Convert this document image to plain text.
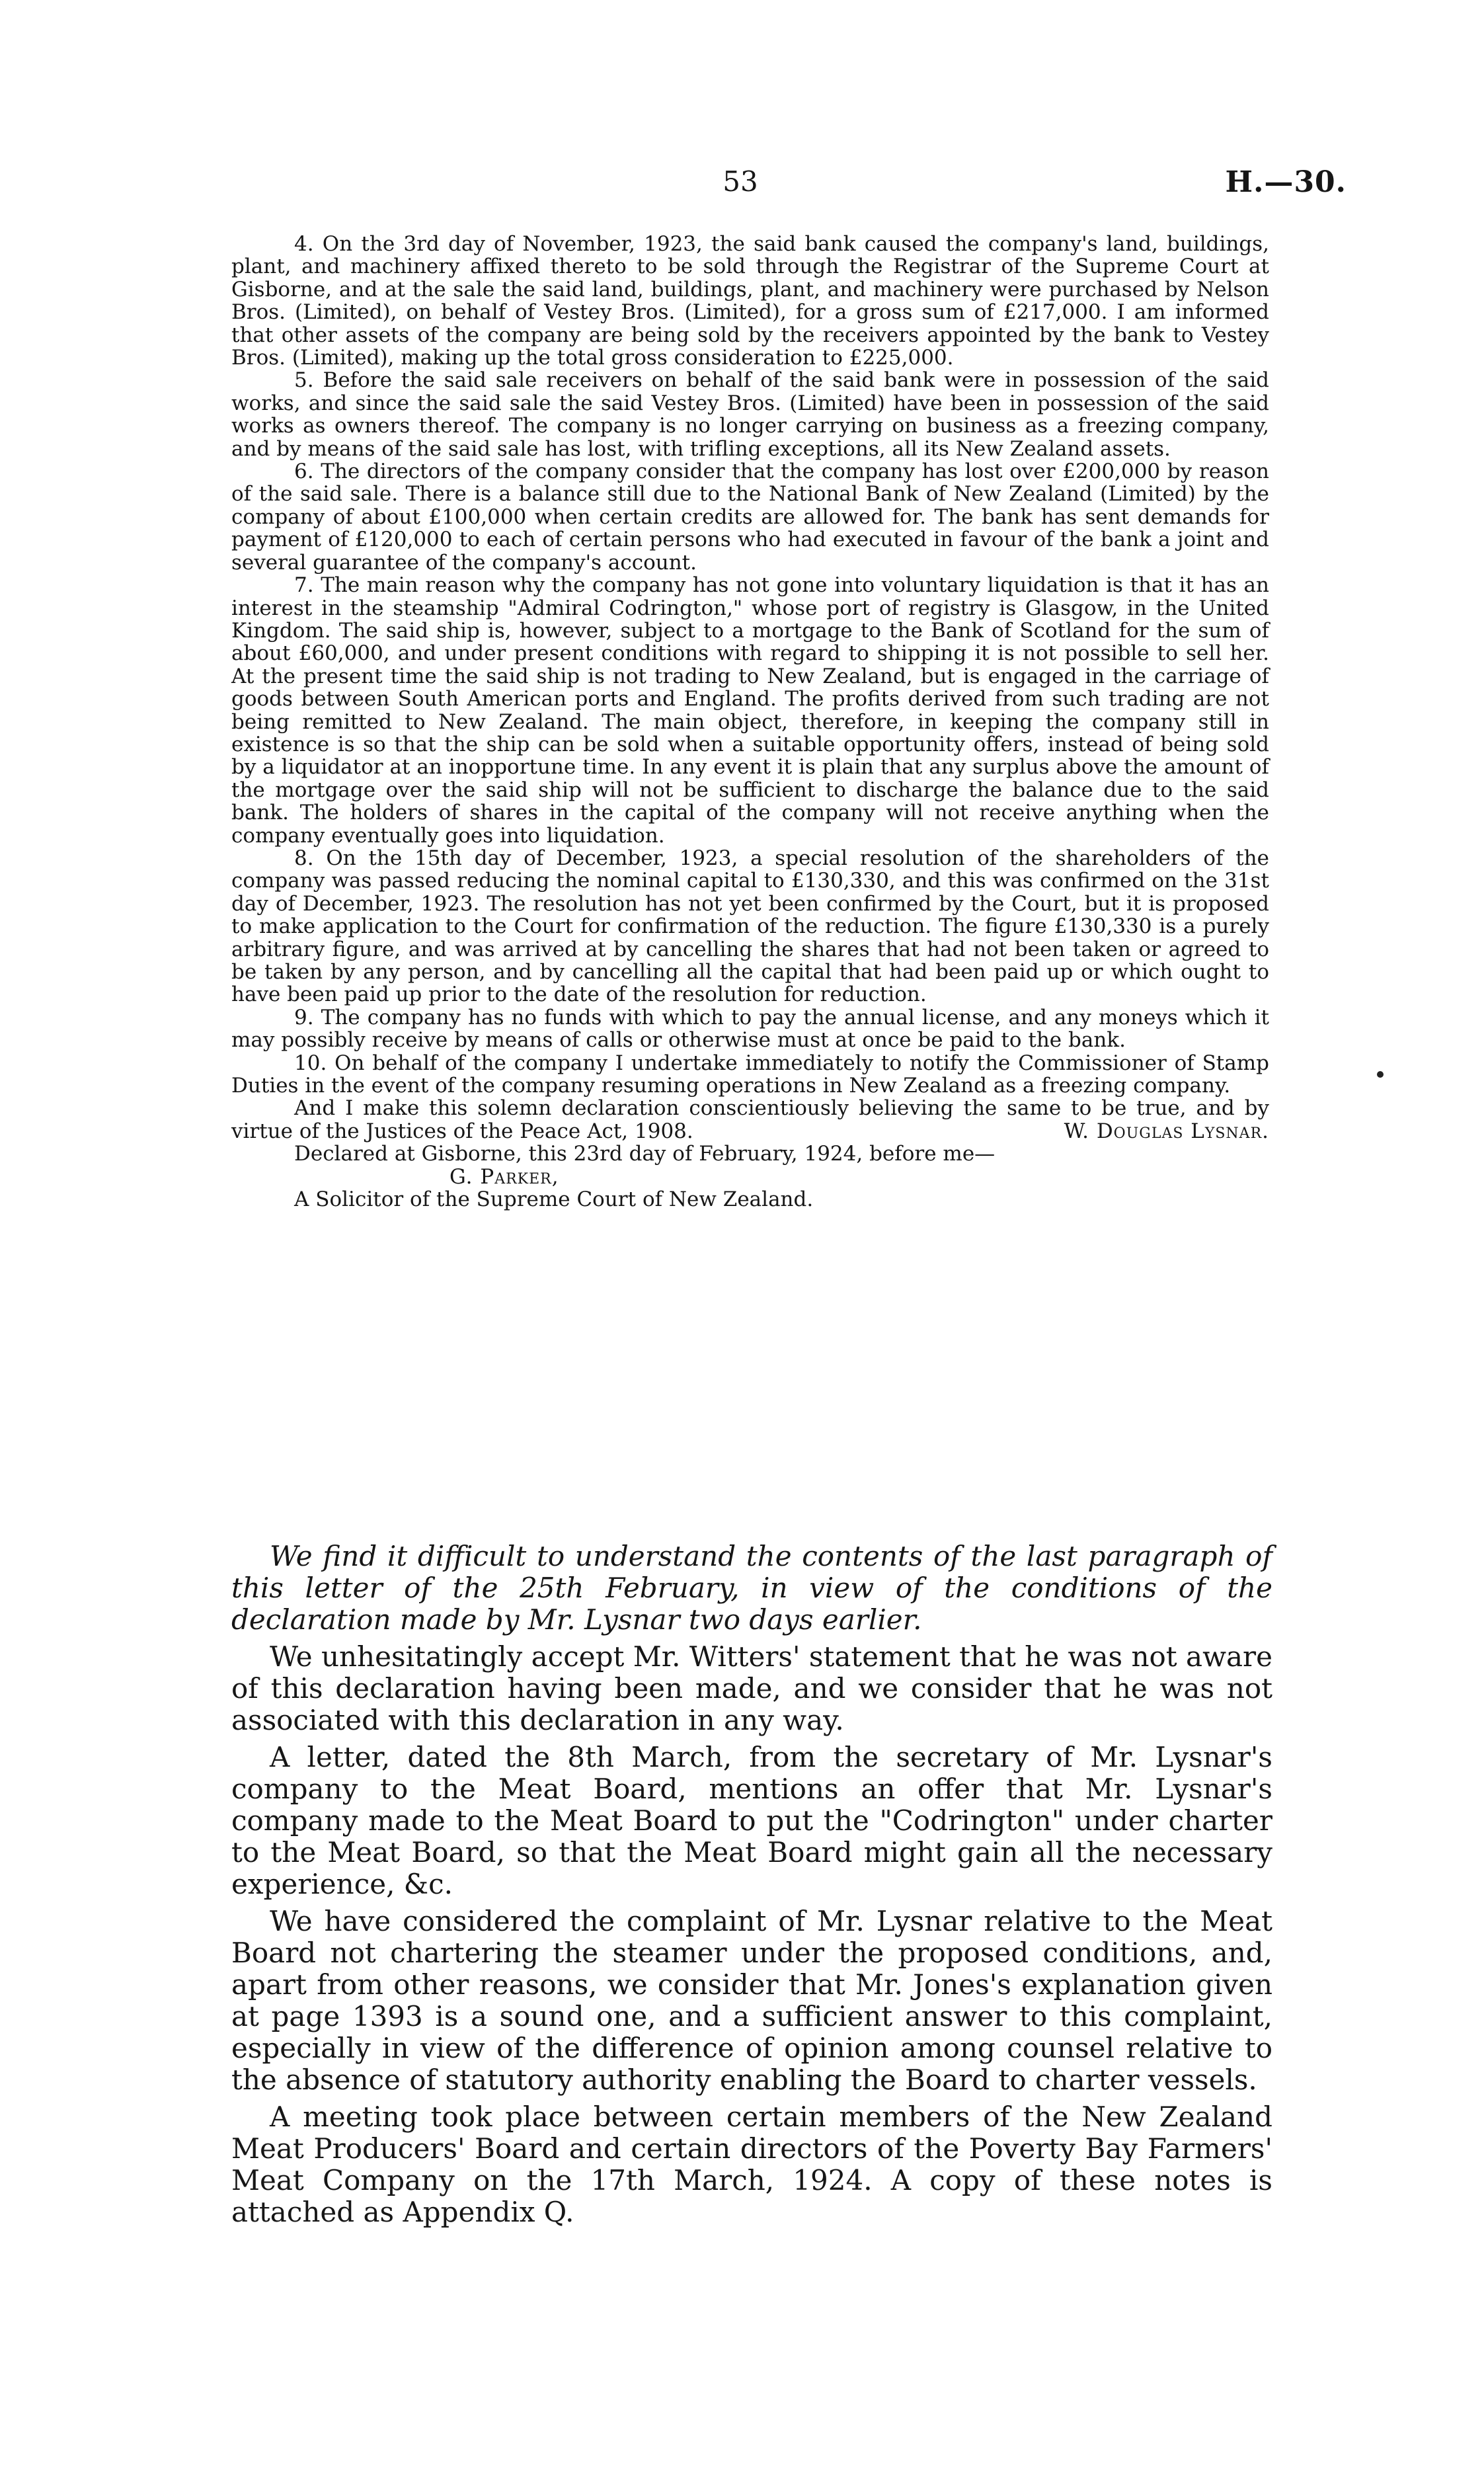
53	H.—30.

4. On the 3rd day of November, 1923, the said bank caused the company's land, buildings, plant, and machinery affixed thereto to be sold through the Registrar of the Supreme Court at Gisborne, and at the sale the said land, buildings, plant, and machinery were purchased by Nelson Bros. (Limited), on behalf of Vestey Bros. (Limited), for a gross sum of £217,000. I am informed that other assets of the company are being sold by the receivers appointed by the bank to Vestey Bros. (Limited), making up the total gross consideration to £225,000.

5. Before the said sale receivers on behalf of the said bank were in possession of the said works, and since the said sale the said Vestey Bros. (Limited) have been in possession of the said works as owners thereof. The company is no longer carrying on business as a freezing company, and by means of the said sale has lost, with trifling exceptions, all its New Zealand assets.

6. The directors of the company consider that the company has lost over £200,000 by reason of the said sale. There is a balance still due to the National Bank of New Zealand (Limited) by the company of about £100,000 when certain credits are allowed for. The bank has sent demands for payment of £120,000 to each of certain persons who had executed in favour of the bank a joint and several guarantee of the company's account.

7. The main reason why the company has not gone into voluntary liquidation is that it has an interest in the steamship "Admiral Codrington," whose port of registry is Glasgow, in the United Kingdom. The said ship is, however, subject to a mortgage to the Bank of Scotland for the sum of about £60,000, and under present conditions with regard to shipping it is not possible to sell her. At the present time the said ship is not trading to New Zealand, but is engaged in the carriage of goods between South American ports and England. The profits derived from such trading are not being remitted to New Zealand. The main object, therefore, in keeping the company still in existence is so that the ship can be sold when a suitable opportunity offers, instead of being sold by a liquidator at an inopportune time. In any event it is plain that any surplus above the amount of the mortgage over the said ship will not be sufficient to discharge the balance due to the said bank. The holders of shares in the capital of the company will not receive anything when the company eventually goes into liquidation.

8. On the 15th day of December, 1923, a special resolution of the shareholders of the company was passed reducing the nominal capital to £130,330, and this was confirmed on the 31st day of December, 1923. The resolution has not yet been confirmed by the Court, but it is proposed to make application to the Court for confirmation of the reduction. The figure £130,330 is a purely arbitrary figure, and was arrived at by cancelling the shares that had not been taken or agreed to be taken by any person, and by cancelling all the capital that had been paid up or which ought to have been paid up prior to the date of the resolution for reduction.

9. The company has no funds with which to pay the annual license, and any moneys which it may possibly receive by means of calls or otherwise must at once be paid to the bank.

10. On behalf of the company I undertake immediately to notify the Commissioner of Stamp Duties in the event of the company resuming operations in New Zealand as a freezing company.

And I make this solemn declaration conscientiously believing the same to be true, and by virtue of the Justices of the Peace Act, 1908.	W. Douglas Lysnar.

Declared at Gisborne, this 23rd day of February, 1924, before me—
G. Parker,
A Solicitor of the Supreme Court of New Zealand.

We find it difficult to understand the contents of the last paragraph of this letter of the 25th February, in view of the conditions of the declaration made by Mr. Lysnar two days earlier.

We unhesitatingly accept Mr. Witters' statement that he was not aware of this declaration having been made, and we consider that he was not associated with this declaration in any way.

A letter, dated the 8th March, from the secretary of Mr. Lysnar's company to the Meat Board, mentions an offer that Mr. Lysnar's company made to the Meat Board to put the "Codrington" under charter to the Meat Board, so that the Meat Board might gain all the necessary experience, &c.

We have considered the complaint of Mr. Lysnar relative to the Meat Board not chartering the steamer under the proposed conditions, and, apart from other reasons, we consider that Mr. Jones's explanation given at page 1393 is a sound one, and a sufficient answer to this complaint, especially in view of the difference of opinion among counsel relative to the absence of statutory authority enabling the Board to charter vessels.

A meeting took place between certain members of the New Zealand Meat Producers' Board and certain directors of the Poverty Bay Farmers' Meat Company on the 17th March, 1924. A copy of these notes is attached as Appendix Q.
